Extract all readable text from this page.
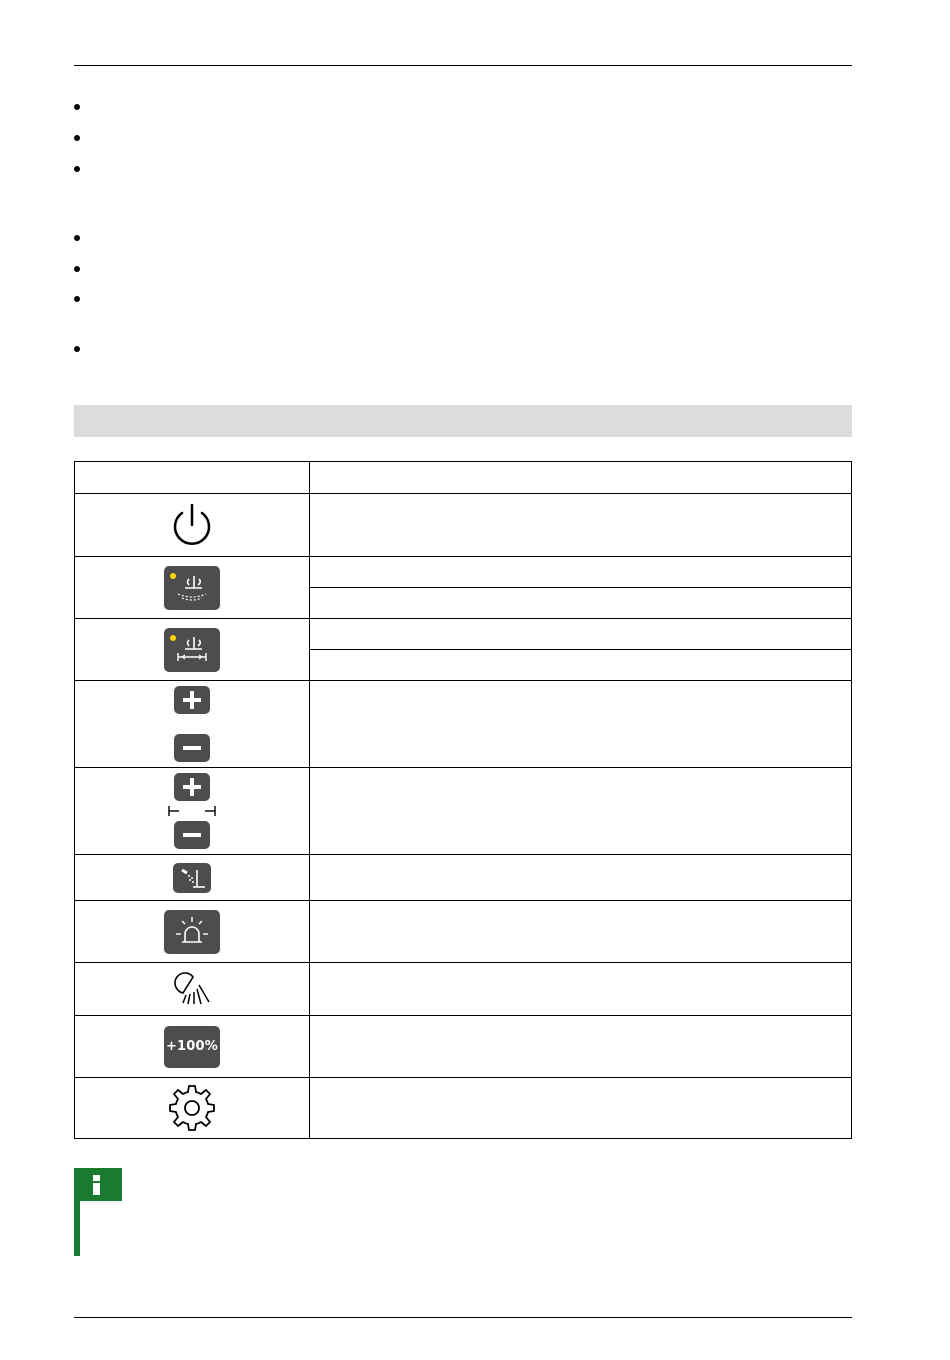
+100%	
